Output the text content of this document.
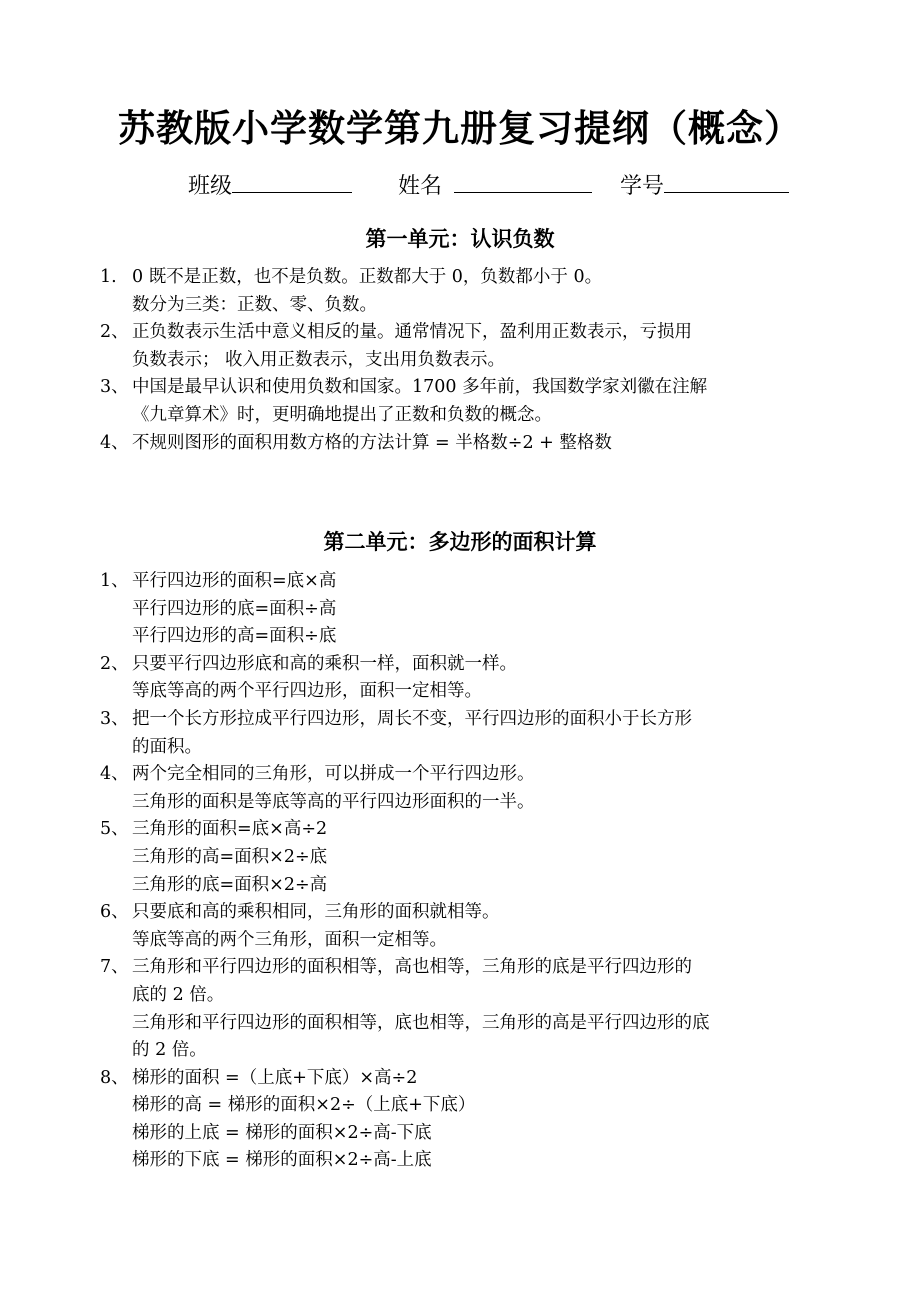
苏教版小学数学第九册复习提纲（概念）
班级	姓名	学号
第一单元：认识负数
1. 0 既不是正数，也不是负数。正数都大于 0，负数都小于 0。
数分为三类：正数、零、负数。
2、 正负数表示生活中意义相反的量。通常情况下，盈利用正数表示，亏损用
负数表示； 收入用正数表示，支出用负数表示。
3、 中国是最早认识和使用负数和国家。1700 多年前，我国数学家刘徽在注解
《九章算术》时，更明确地提出了正数和负数的概念。
4、 不规则图形的面积用数方格的方法计算 = 半格数÷2 + 整格数
第二单元：多边形的面积计算
1、 平行四边形的面积=底×高
平行四边形的底=面积÷高
平行四边形的高=面积÷底
2、 只要平行四边形底和高的乘积一样，面积就一样。
等底等高的两个平行四边形，面积一定相等。
3、 把一个长方形拉成平行四边形，周长不变，平行四边形的面积小于长方形
的面积。
4、 两个完全相同的三角形，可以拼成一个平行四边形。
三角形的面积是等底等高的平行四边形面积的一半。
5、 三角形的面积=底×高÷2
三角形的高=面积×2÷底
三角形的底=面积×2÷高
6、 只要底和高的乘积相同，三角形的面积就相等。
等底等高的两个三角形，面积一定相等。
7、 三角形和平行四边形的面积相等，高也相等，三角形的底是平行四边形的
底的 2 倍。
三角形和平行四边形的面积相等，底也相等，三角形的高是平行四边形的底
的 2 倍。
8、 梯形的面积 =（上底+下底）×高÷2
梯形的高 = 梯形的面积×2÷（上底+下底）
梯形的上底 = 梯形的面积×2÷高-下底
梯形的下底 = 梯形的面积×2÷高-上底
